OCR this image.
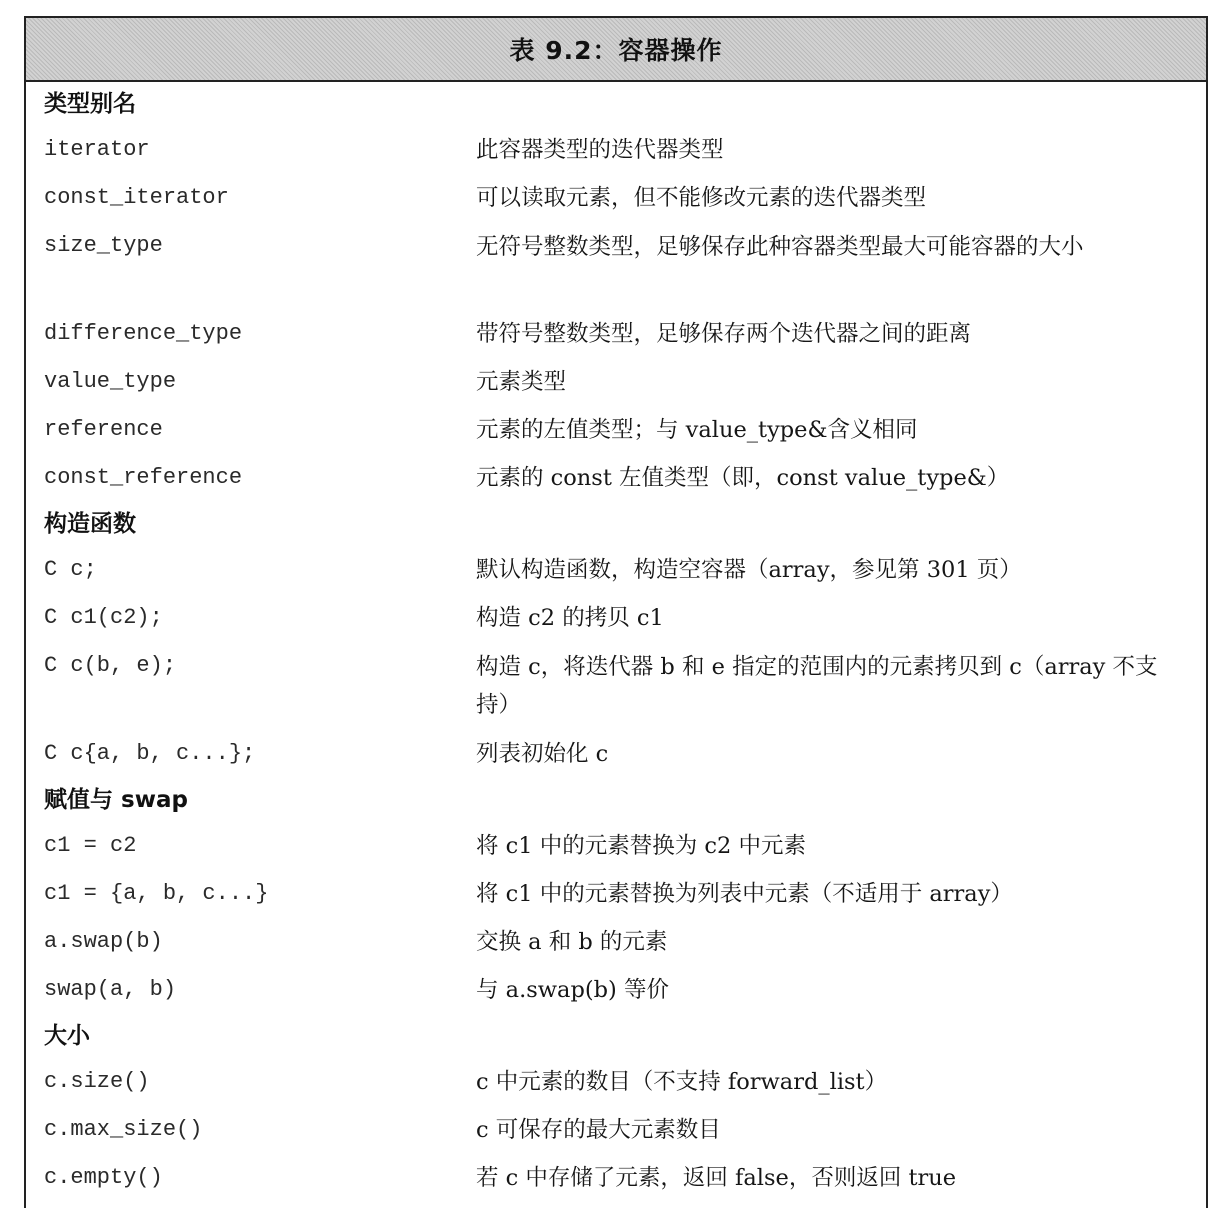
表 9.2：容器操作
类型别名
iterator	此容器类型的迭代器类型
const_iterator	可以读取元素，但不能修改元素的迭代器类型
size_type	无符号整数类型，足够保存此种容器类型最大可能容器的大小
difference_type	带符号整数类型，足够保存两个迭代器之间的距离
value_type	元素类型
reference	元素的左值类型；与 value_type&含义相同
const_reference	元素的 const 左值类型（即，const value_type&）
构造函数
C c;	默认构造函数，构造空容器（array，参见第 301 页）
C c1(c2);	构造 c2 的拷贝 c1
C c(b, e);	构造 c，将迭代器 b 和 e 指定的范围内的元素拷贝到 c（array 不支持）
C c{a, b, c...};	列表初始化 c
赋值与 swap
c1 = c2	将 c1 中的元素替换为 c2 中元素
c1 = {a, b, c...}	将 c1 中的元素替换为列表中元素（不适用于 array）
a.swap(b)	交换 a 和 b 的元素
swap(a, b)	与 a.swap(b) 等价
大小
c.size()	c 中元素的数目（不支持 forward_list）
c.max_size()	c 可保存的最大元素数目
c.empty()	若 c 中存储了元素，返回 false，否则返回 true
